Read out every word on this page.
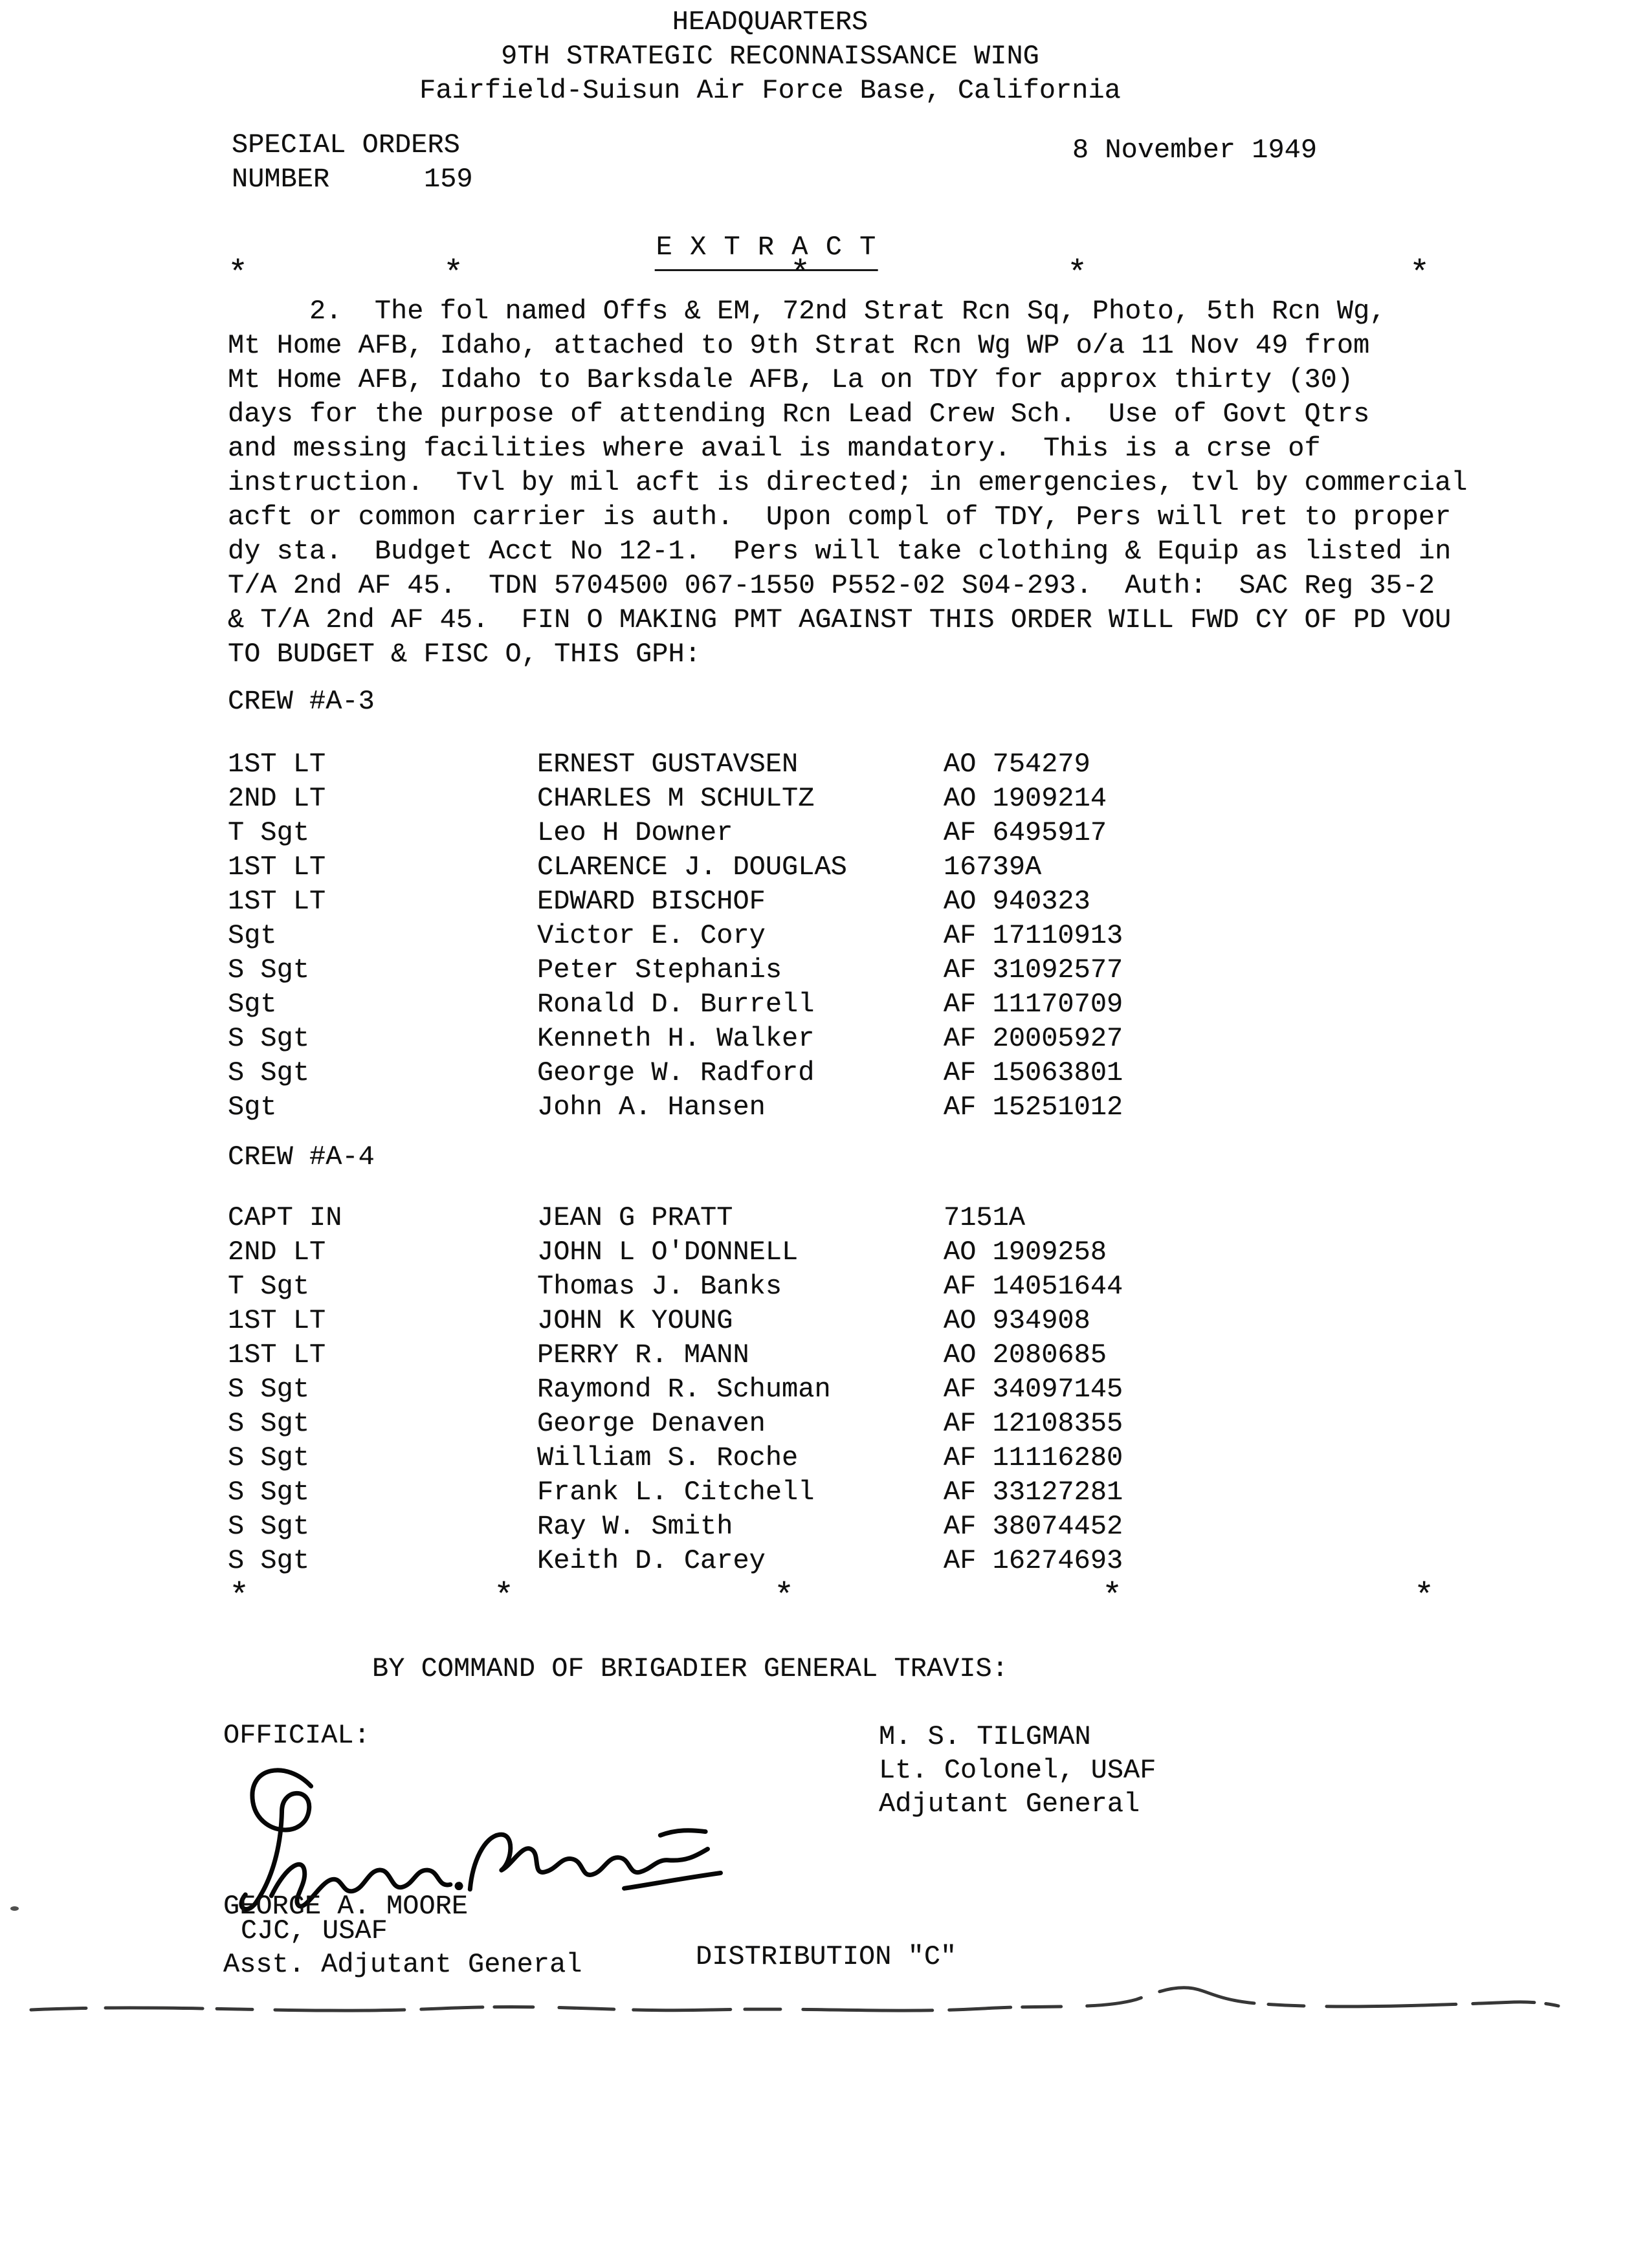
HEADQUARTERS
9TH STRATEGIC RECONNAISSANCE WING
Fairfield-Suisun Air Force Base, California
SPECIAL ORDERS
NUMBER	159
8 November 1949
E X T R A C T
*	*	*	*	*
2.  The fol named Offs & EM, 72nd Strat Rcn Sq, Photo, 5th Rcn Wg,
Mt Home AFB, Idaho, attached to 9th Strat Rcn Wg WP o/a 11 Nov 49 from
Mt Home AFB, Idaho to Barksdale AFB, La on TDY for approx thirty (30)
days for the purpose of attending Rcn Lead Crew Sch.  Use of Govt Qtrs
and messing facilities where avail is mandatory.  This is a crse of
instruction.  Tvl by mil acft is directed; in emergencies, tvl by commercial
acft or common carrier is auth.  Upon compl of TDY, Pers will ret to proper
dy sta.  Budget Acct No 12-1.  Pers will take clothing & Equip as listed in
T/A 2nd AF 45.  TDN 5704500 067-1550 P552-02 S04-293.  Auth:  SAC Reg 35-2
& T/A 2nd AF 45.  FIN O MAKING PMT AGAINST THIS ORDER WILL FWD CY OF PD VOU
TO BUDGET & FISC O, THIS GPH:
CREW #A-3
1ST LT	ERNEST GUSTAVSEN	AO 754279
2ND LT	CHARLES M SCHULTZ	AO 1909214
T Sgt	Leo H Downer	AF 6495917
1ST LT	CLARENCE J. DOUGLAS	16739A
1ST LT	EDWARD BISCHOF	AO 940323
Sgt	Victor E. Cory	AF 17110913
S Sgt	Peter Stephanis	AF 31092577
Sgt	Ronald D. Burrell	AF 11170709
S Sgt	Kenneth H. Walker	AF 20005927
S Sgt	George W. Radford	AF 15063801
Sgt	John A. Hansen	AF 15251012
CREW #A-4
CAPT IN	JEAN G PRATT	7151A
2ND LT	JOHN L O'DONNELL	AO 1909258
T Sgt	Thomas J. Banks	AF 14051644
1ST LT	JOHN K YOUNG	AO 934908
1ST LT	PERRY R. MANN	AO 2080685
S Sgt	Raymond R. Schuman	AF 34097145
S Sgt	George Denaven	AF 12108355
S Sgt	William S. Roche	AF 11116280
S Sgt	Frank L. Citchell	AF 33127281
S Sgt	Ray W. Smith	AF 38074452
S Sgt	Keith D. Carey	AF 16274693
*	*	*	*	*
BY COMMAND OF BRIGADIER GENERAL TRAVIS:
OFFICIAL:	M. S. TILGMAN
Lt. Colonel, USAF
Adjutant General
GEORGE A. MOORE
CJC, USAF
Asst. Adjutant General	DISTRIBUTION "C"
